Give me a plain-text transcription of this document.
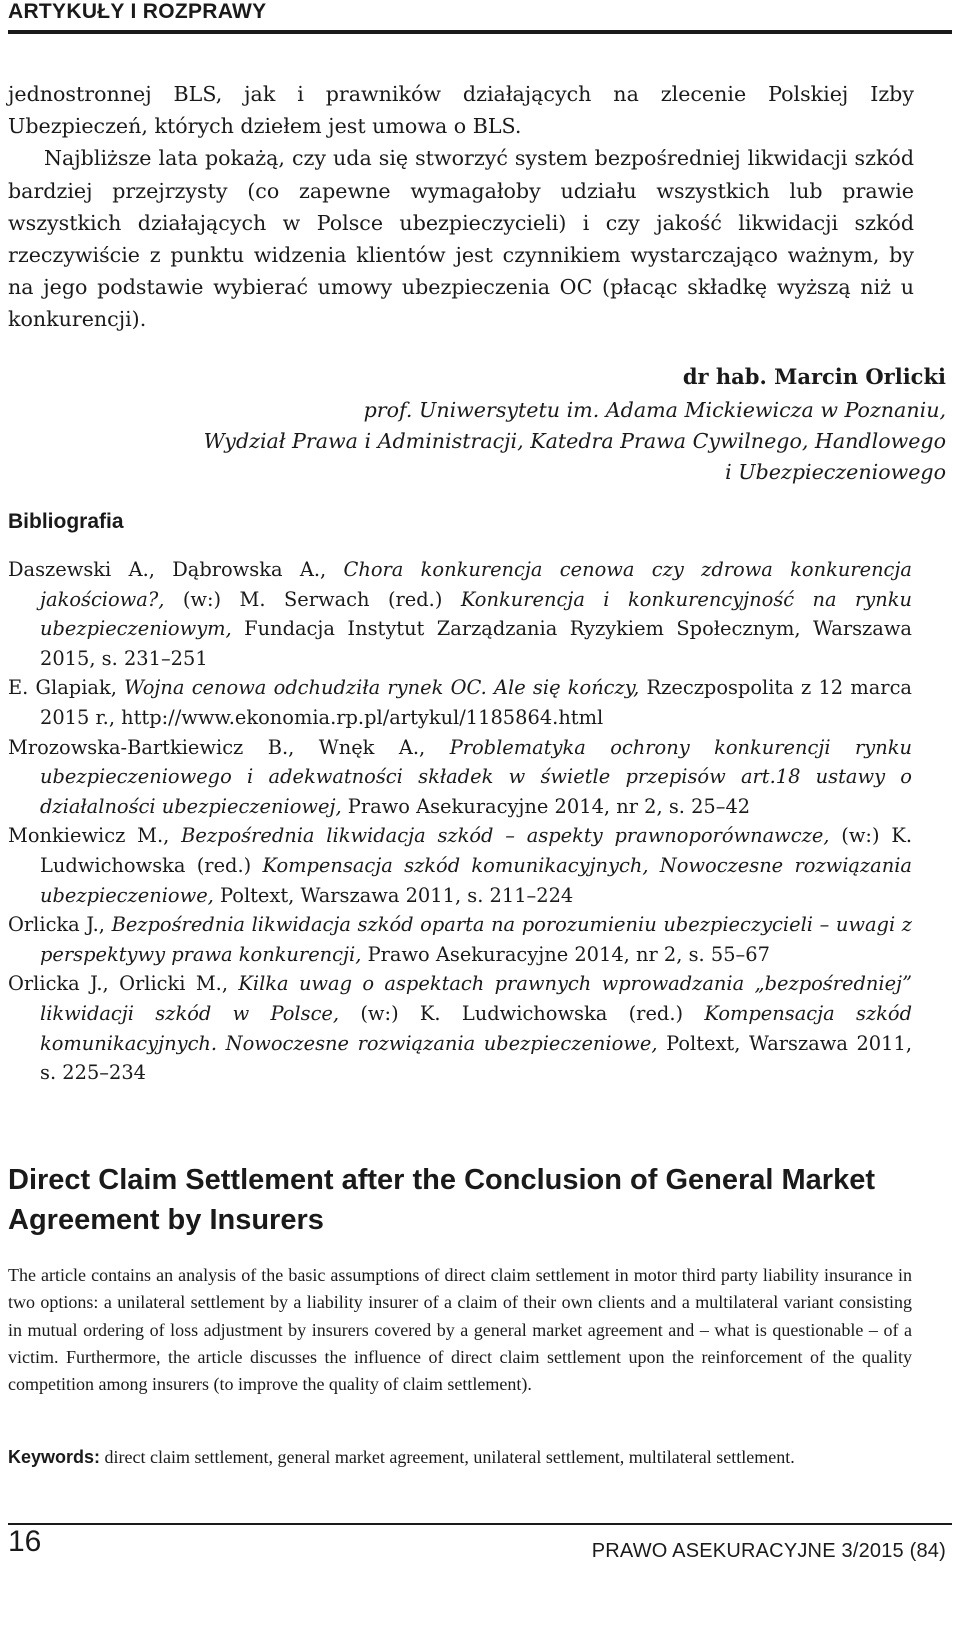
ARTYKUŁY I ROZPRAWY

jednostronnej BLS, jak i prawników działających na zlecenie Polskiej Izby Ubezpieczeń, których dziełem jest umowa o BLS.

Najbliższe lata pokażą, czy uda się stworzyć system bezpośredniej likwidacji szkód bardziej przejrzysty (co zapewne wymagałoby udziału wszystkich lub prawie wszystkich działających w Polsce ubezpieczycieli) i czy jakość likwidacji szkód rzeczywiście z punktu widzenia klientów jest czynnikiem wystarczająco ważnym, by na jego podstawie wybierać umowy ubezpieczenia OC (płacąc składkę wyższą niż u konkurencji).

dr hab. Marcin Orlicki
prof. Uniwersytetu im. Adama Mickiewicza w Poznaniu,
Wydział Prawa i Administracji, Katedra Prawa Cywilnego, Handlowego
i Ubezpieczeniowego
Bibliografia

Daszewski A., Dąbrowska A., Chora konkurencja cenowa czy zdrowa konkurencja jakościowa?, (w:) M. Serwach (red.) Konkurencja i konkurencyjność na rynku ubezpieczeniowym, Fundacja Instytut Zarządzania Ryzykiem Społecznym, Warszawa 2015, s. 231–251

E. Glapiak, Wojna cenowa odchudziła rynek OC. Ale się kończy, Rzeczpospolita z 12 marca 2015 r., http://www.ekonomia.rp.pl/artykul/1185864.html

Mrozowska-Bartkiewicz B., Wnęk A., Problematyka ochrony konkurencji rynku ubezpieczeniowego i adekwatności składek w świetle przepisów art.18 ustawy o działalności ubezpieczeniowej, Prawo Asekuracyjne 2014, nr 2, s. 25–42

Monkiewicz M., Bezpośrednia likwidacja szkód – aspekty prawnoporównawcze, (w:) K. Ludwichowska (red.) Kompensacja szkód komunikacyjnych, Nowoczesne rozwiązania ubezpieczeniowe, Poltext, Warszawa 2011, s. 211–224

Orlicka J., Bezpośrednia likwidacja szkód oparta na porozumieniu ubezpieczycieli – uwagi z perspektywy prawa konkurencji, Prawo Asekuracyjne 2014, nr 2, s. 55–67

Orlicka J., Orlicki M., Kilka uwag o aspektach prawnych wprowadzania „bezpośredniej” likwidacji szkód w Polsce, (w:) K. Ludwichowska (red.) Kompensacja szkód komunikacyjnych. Nowoczesne rozwiązania ubezpieczeniowe, Poltext, Warszawa 2011, s. 225–234

Direct Claim Settlement after the Conclusion of General Market Agreement by Insurers

The article contains an analysis of the basic assumptions of direct claim settlement in motor third party liability insurance in two options: a unilateral settlement by a liability insurer of a claim of their own clients and a multilateral variant consisting in mutual ordering of loss adjustment by insurers covered by a general market agreement and – what is questionable – of a victim. Furthermore, the article discusses the influence of direct claim settlement upon the reinforcement of the quality competition among insurers (to improve the quality of claim settlement).

Keywords: direct claim settlement, general market agreement, unilateral settlement, multilateral settlement.

16	PRAWO ASEKURACYJNE 3/2015 (84)
